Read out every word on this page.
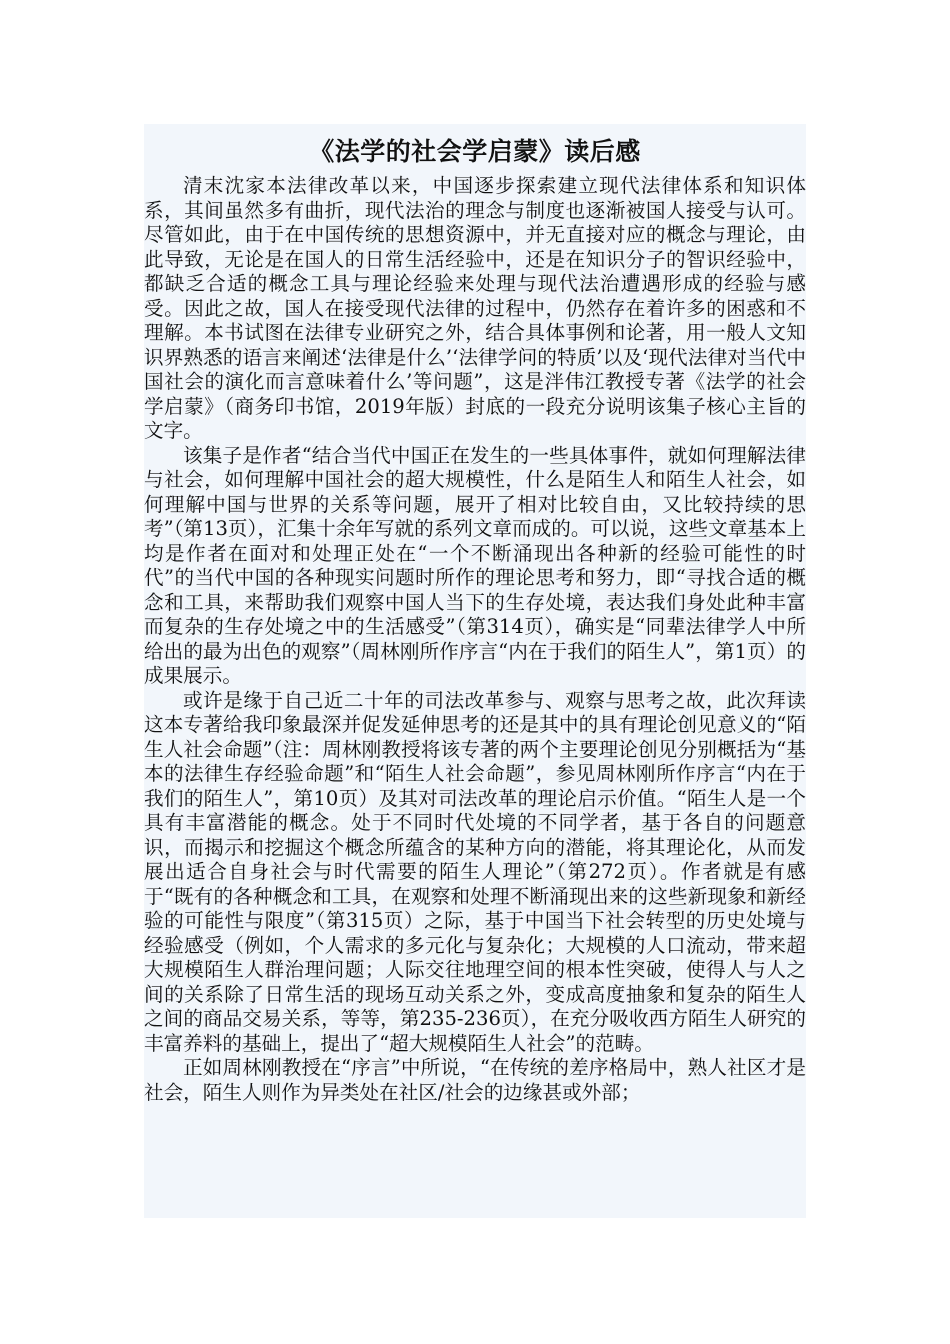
《法学的社会学启蒙》读后感

清末沈家本法律改革以来，中国逐步探索建立现代法律体系和知识体系，其间虽然多有曲折，现代法治的理念与制度也逐渐被国人接受与认可。尽管如此，由于在中国传统的思想资源中，并无直接对应的概念与理论，由此导致，无论是在国人的日常生活经验中，还是在知识分子的智识经验中，都缺乏合适的概念工具与理论经验来处理与现代法治遭遇形成的经验与感受。因此之故，国人在接受现代法律的过程中，仍然存在着许多的困惑和不理解。本书试图在法律专业研究之外，结合具体事例和论著，用一般人文知识界熟悉的语言来阐述‘法律是什么’‘法律学问的特质’以及‘现代法律对当代中国社会的演化而言意味着什么’等问题”，这是泮伟江教授专著《法学的社会学启蒙》（商务印书馆，2019年版）封底的一段充分说明该集子核心主旨的文字。

该集子是作者“结合当代中国正在发生的一些具体事件，就如何理解法律与社会，如何理解中国社会的超大规模性，什么是陌生人和陌生人社会，如何理解中国与世界的关系等问题，展开了相对比较自由，又比较持续的思考”（第13页），汇集十余年写就的系列文章而成的。可以说，这些文章基本上均是作者在面对和处理正处在“一个不断涌现出各种新的经验可能性的时代”的当代中国的各种现实问题时所作的理论思考和努力，即“寻找合适的概念和工具，来帮助我们观察中国人当下的生存处境，表达我们身处此种丰富而复杂的生存处境之中的生活感受”（第314页），确实是“同辈法律学人中所给出的最为出色的观察”（周林刚所作序言“内在于我们的陌生人”，第1页）的成果展示。

或许是缘于自己近二十年的司法改革参与、观察与思考之故，此次拜读这本专著给我印象最深并促发延伸思考的还是其中的具有理论创见意义的“陌生人社会命题”（注：周林刚教授将该专著的两个主要理论创见分别概括为“基本的法律生存经验命题”和“陌生人社会命题”，参见周林刚所作序言“内在于我们的陌生人”，第10页）及其对司法改革的理论启示价值。“陌生人是一个具有丰富潜能的概念。处于不同时代处境的不同学者，基于各自的问题意识，而揭示和挖掘这个概念所蕴含的某种方向的潜能，将其理论化，从而发展出适合自身社会与时代需要的陌生人理论”（第272页）。作者就是有感于“既有的各种概念和工具，在观察和处理不断涌现出来的这些新现象和新经验的可能性与限度”（第315页）之际，基于中国当下社会转型的历史处境与经验感受（例如，个人需求的多元化与复杂化；大规模的人口流动，带来超大规模陌生人群治理问题；人际交往地理空间的根本性突破，使得人与人之间的关系除了日常生活的现场互动关系之外，变成高度抽象和复杂的陌生人之间的商品交易关系，等等，第235-236页），在充分吸收西方陌生人研究的丰富养料的基础上，提出了“超大规模陌生人社会”的范畴。

正如周林刚教授在“序言”中所说，“在传统的差序格局中，熟人社区才是社会，陌生人则作为异类处在社区/社会的边缘甚或外部；
